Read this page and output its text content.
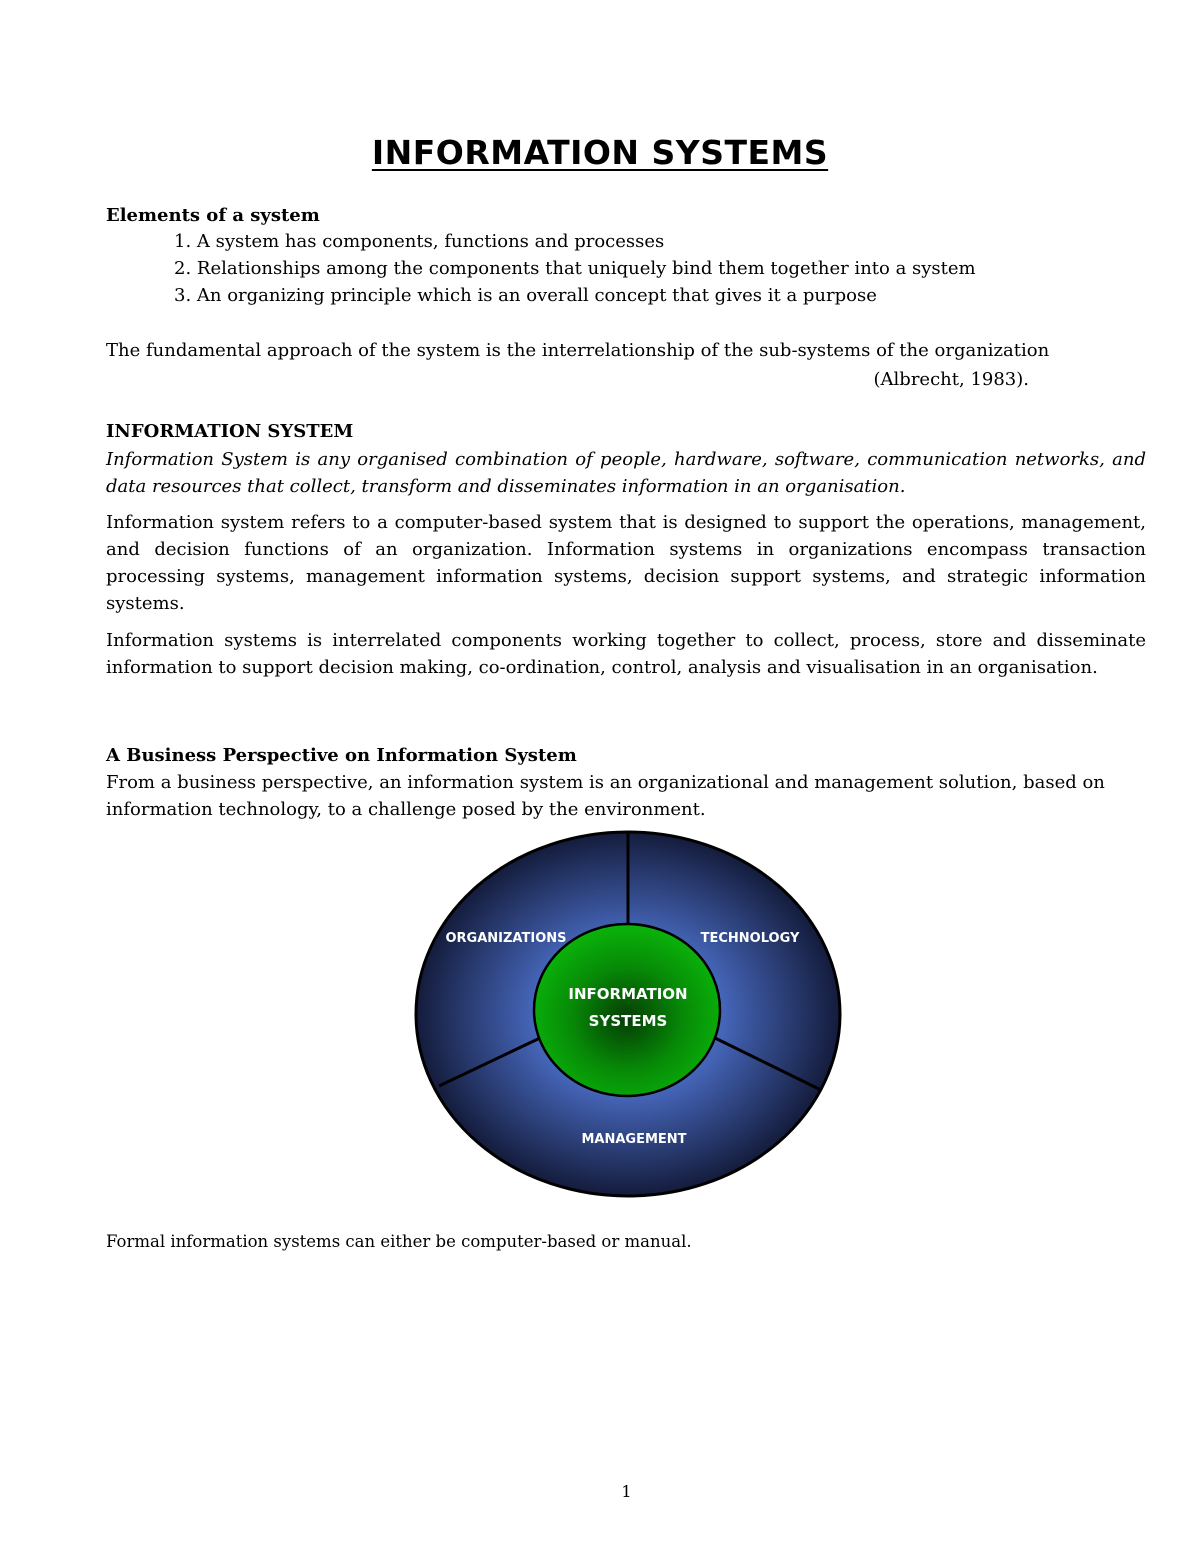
INFORMATION SYSTEMS
Elements of a system
1. A system has components, functions and processes
2. Relationships among the components that uniquely bind them together into a system
3. An organizing principle which is an overall concept that gives it a purpose
The fundamental approach of the system is the interrelationship of the sub-systems of the organization
(Albrecht, 1983).
INFORMATION SYSTEM
Information System is any organised combination of people, hardware, software, communication networks, and data resources that collect, transform and disseminates information in an organisation.
Information system refers to a computer-based system that is designed to support the operations, management, and decision functions of an organization. Information systems in organizations encompass transaction processing systems, management information systems, decision support systems, and strategic information systems.
Information systems is interrelated components working together to collect, process, store and disseminate information to support decision making, co-ordination, control, analysis and visualisation in an organisation.
A Business Perspective on Information System
From a business perspective, an information system is an organizational and management solution, based on information technology, to a challenge posed by the environment.
ORGANIZATIONS	TECHNOLOGY
MANAGEMENT
INFORMATION
SYSTEMS
Formal information systems can either be computer-based or manual.
1
